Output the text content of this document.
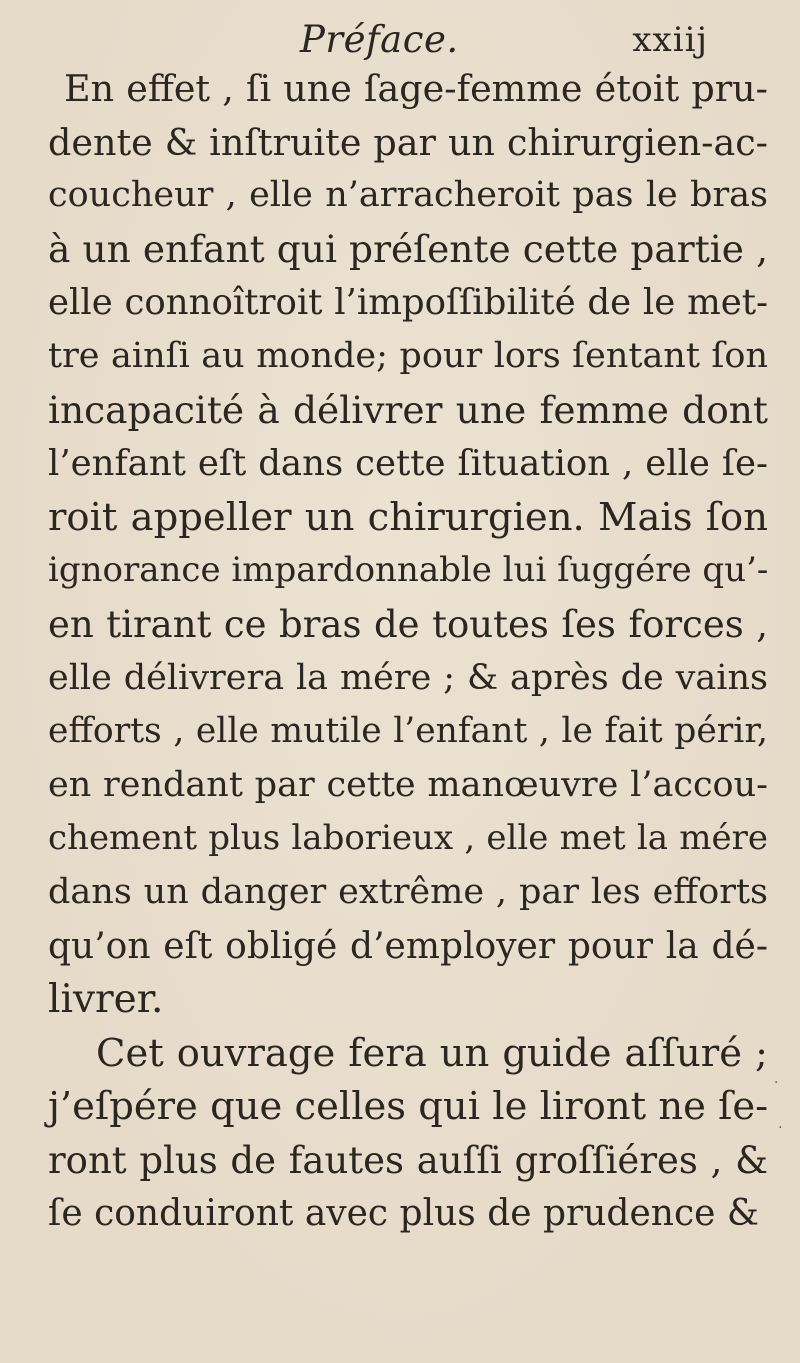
Préface.	xxiij
En effet , ſi une ſage-femme étoit pru-
dente & inſtruite par un chirurgien-ac-
coucheur , elle n’arracheroit pas le bras
à un enfant qui préſente cette partie ,
elle connoîtroit l’impoſſibilité de le met-
tre ainſi au monde; pour lors ſentant ſon
incapacité à délivrer une femme dont
l’enfant eſt dans cette ſituation , elle ſe-
roit appeller un chirurgien. Mais ſon
ignorance impardonnable lui ſuggére qu’-
en tirant ce bras de toutes ſes forces ,
elle délivrera la mére ; & après de vains
efforts , elle mutile l’enfant , le fait périr,
en rendant par cette manœuvre l’accou-
chement plus laborieux , elle met la mére
dans un danger extrême , par les efforts
qu’on eſt obligé d’employer pour la dé-
livrer.
Cet ouvrage fera un guide aſſuré ;
j’eſpére que celles qui le liront ne ſe-
ront plus de fautes auſſi groſſiéres , &
ſe conduiront avec plus de prudence &
·
·
